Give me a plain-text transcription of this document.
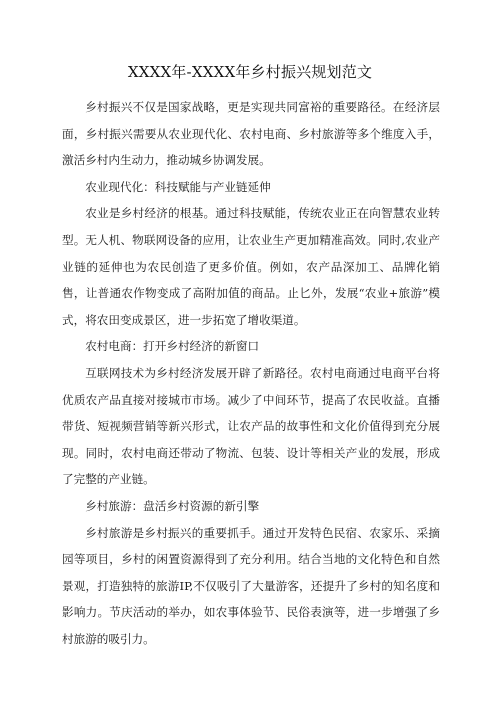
XXXX年-XXXX年乡村振兴规划范文

乡村振兴不仅是国家战略，更是实现共同富裕的重要路径。在经济层面，乡村振兴需要从农业现代化、农村电商、乡村旅游等多个维度入手，激活乡村内生动力，推动城乡协调发展。

农业现代化：科技赋能与产业链延伸

农业是乡村经济的根基。通过科技赋能，传统农业正在向智慧农业转型。无人机、物联网设备的应用，让农业生产更加精准高效。同时,农业产业链的延伸也为农民创造了更多价值。例如，农产品深加工、品牌化销售，让普通农作物变成了高附加值的商品。止匕外，发展“农业+旅游”模式，将农田变成景区，进一步拓宽了增收渠道。

农村电商：打开乡村经济的新窗口

互联网技术为乡村经济发展开辟了新路径。农村电商通过电商平台将优质农产品直接对接城市市场。减少了中间环节，提高了农民收益。直播带货、短视频营销等新兴形式，让农产品的故事性和文化价值得到充分展现。同时，农村电商还带动了物流、包装、设计等相关产业的发展，形成了完整的产业链。

乡村旅游：盘活乡村资源的新引擎

乡村旅游是乡村振兴的重要抓手。通过开发特色民宿、农家乐、采摘园等项目，乡村的闲置资源得到了充分利用。结合当地的文化特色和自然景观，打造独特的旅游IP,不仅吸引了大量游客，还提升了乡村的知名度和影响力。节庆活动的举办，如农事体验节、民俗表演等，进一步增强了乡村旅游的吸引力。
